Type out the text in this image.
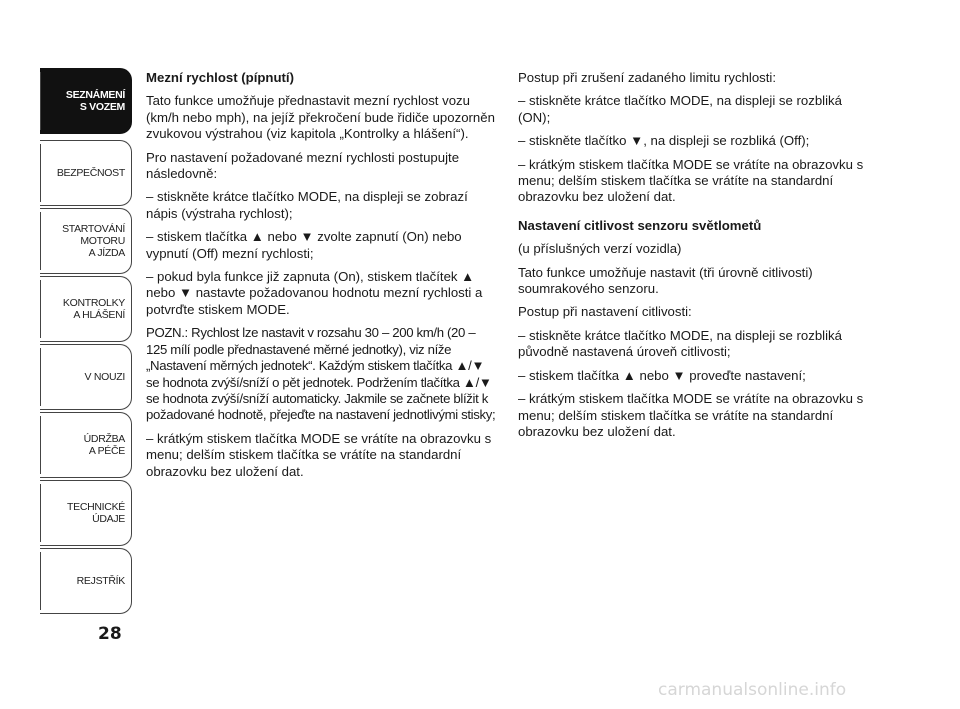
SEZNÁMENÍ
S VOZEM
BEZPEČNOST
STARTOVÁNÍ
MOTORU
A JÍZDA
KONTROLKY
A HLÁŠENÍ
V NOUZI
ÚDRŽBA
A PÉČE
TECHNICKÉ
ÚDAJE
REJSTŘÍK
28

Mezní rychlost (pípnutí)

Tato funkce umožňuje přednastavit mezní rychlost vozu (km/h nebo mph), na jejíž překročení bude řidiče upozorněn zvukovou výstrahou (viz kapitola „Kontrolky a hlášení“).

Pro nastavení požadované mezní rychlosti postupujte následovně:

– stiskněte krátce tlačítko MODE, na displeji se zobrazí nápis (výstraha rychlost);

– stiskem tlačítka ▲ nebo ▼ zvolte zapnutí (On) nebo vypnutí (Off) mezní rychlosti;

– pokud byla funkce již zapnuta (On), stiskem tlačítek ▲ nebo ▼ nastavte požadovanou hodnotu mezní rychlosti a potvrďte stiskem MODE.

POZN.: Rychlost lze nastavit v rozsahu 30 – 200 km/h (20 – 125 mílí podle přednastavené měrné jednotky), viz níže „Nastavení měrných jednotek“. Každým stiskem tlačítka ▲/▼ se hodnota zvýší/sníží o pět jednotek. Podržením tlačítka ▲/▼ se hodnota zvýší/sníží automaticky. Jakmile se začnete blížit k požadované hodnotě, přejeďte na nastavení jednotlivými stisky;

– krátkým stiskem tlačítka MODE se vrátíte na obrazovku s menu; delším stiskem tlačítka se vrátíte na standardní obrazovku bez uložení dat.

Postup při zrušení zadaného limitu rychlosti:

– stiskněte krátce tlačítko MODE, na displeji se rozbliká (ON);

– stiskněte tlačítko ▼, na displeji se rozbliká (Off);

– krátkým stiskem tlačítka MODE se vrátíte na obrazovku s menu; delším stiskem tlačítka se vrátíte na standardní obrazovku bez uložení dat.

Nastavení citlivost senzoru světlometů
(u příslušných verzí vozidla)

Tato funkce umožňuje nastavit (tři úrovně citlivosti) soumrakového senzoru.

Postup při nastavení citlivosti:

– stiskněte krátce tlačítko MODE, na displeji se rozbliká původně nastavená úroveň citlivosti;

– stiskem tlačítka ▲ nebo ▼ proveďte nastavení;

– krátkým stiskem tlačítka MODE se vrátíte na obrazovku s menu; delším stiskem tlačítka se vrátíte na standardní obrazovku bez uložení dat.

carmanualsonline.info
